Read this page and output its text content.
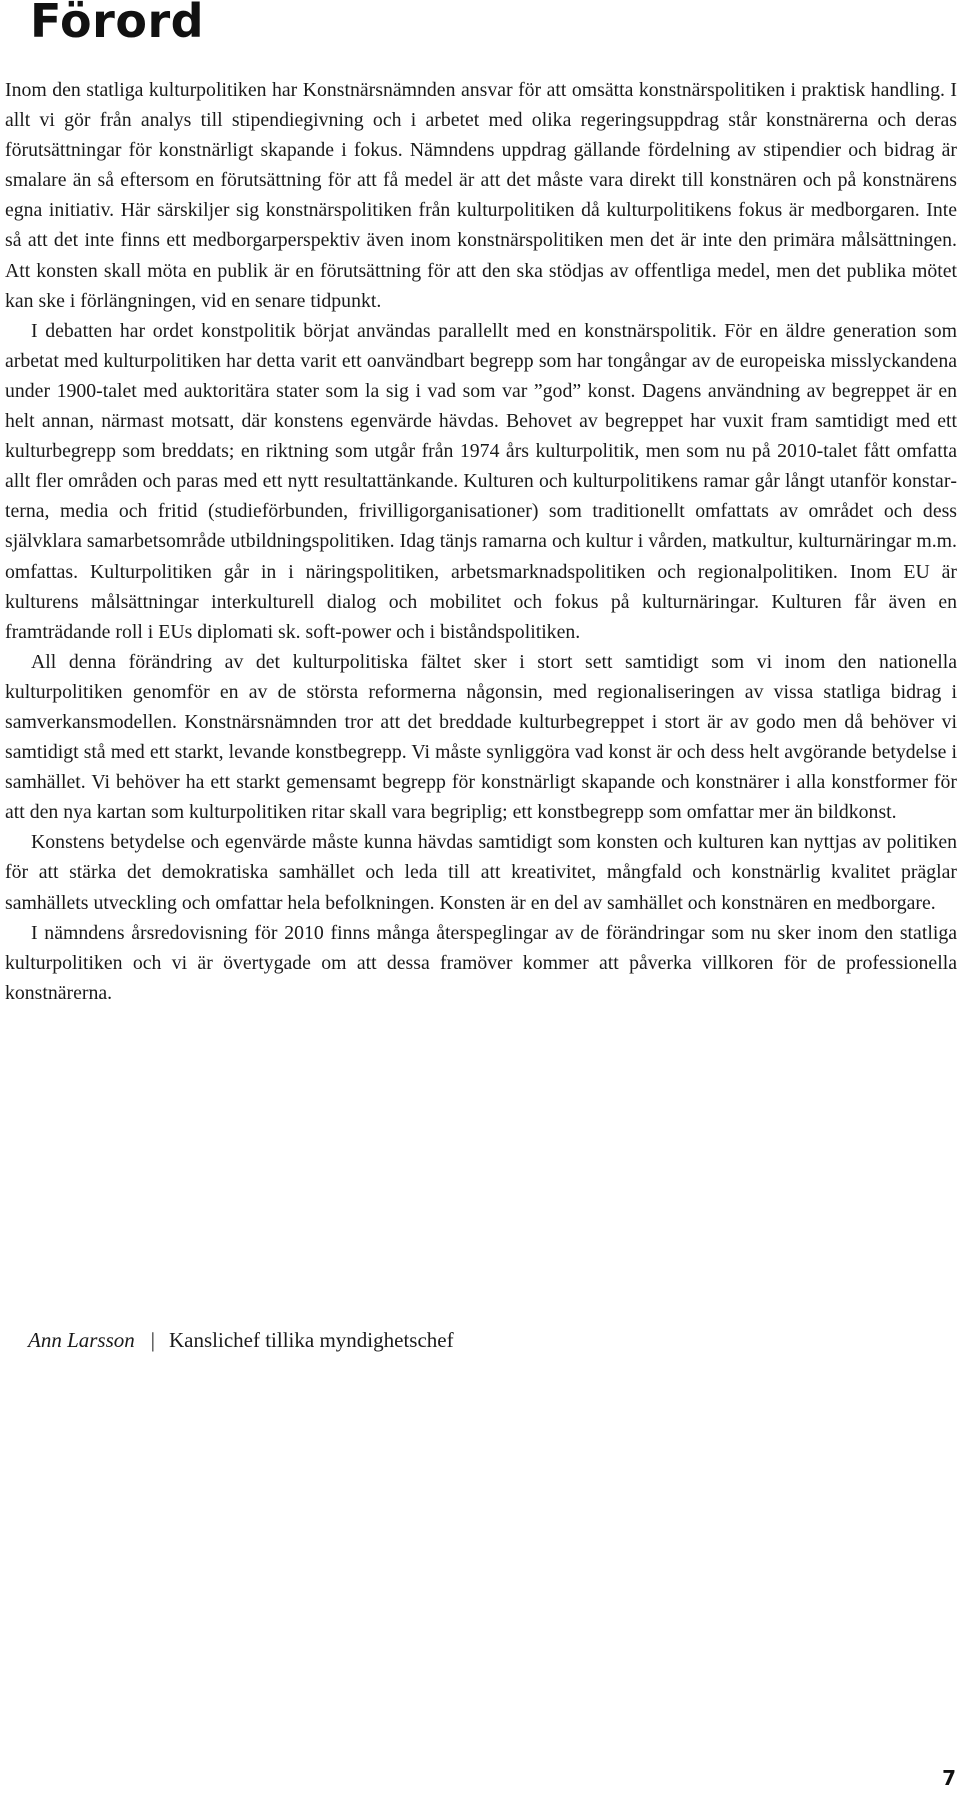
Förord

Inom den statliga kulturpolitiken har Konstnärsnämnden ansvar för att omsätta konstnärspolitiken i praktisk handling. I allt vi gör från analys till stipendiegivning och i arbetet med olika regeringsuppdrag står konstnärerna och deras förutsättningar för konstnärligt skapande i fokus. Nämndens uppdrag gällande fördelning av stipendier och bidrag är smalare än så eftersom en förutsättning för att få medel är att det måste vara direkt till konstnären och på konstnärens egna initiativ. Här särskiljer sig konstnärspolitiken från kulturpolitiken då kulturpolitikens fokus är medborgaren. Inte så att det inte finns ett medborgarperspektiv även inom konstnärspolitiken men det är inte den primära målsättningen. Att konsten skall möta en publik är en förutsättning för att den ska stödjas av offentliga medel, men det publika mötet kan ske i förlängningen, vid en senare tidpunkt.

I debatten har ordet konstpolitik börjat användas parallellt med en konstnärspolitik. För en äldre generation som arbetat med kulturpolitiken har detta varit ett oanvändbart begrepp som har tongångar av de europeiska misslyckandena under 1900-talet med auktoritära stater som la sig i vad som var ”god” konst. Dagens användning av begreppet är en helt annan, närmast motsatt, där konstens egenvärde hävdas. Behovet av begreppet har vuxit fram samtidigt med ett kulturbegrepp som breddats; en riktning som utgår från 1974 års kulturpolitik, men som nu på 2010-talet fått omfatta allt fler områden och paras med ett nytt resultattänkande. Kulturen och kulturpolitikens ramar går långt utanför konstarterna, media och fritid (studieförbunden, frivilligorganisationer) som traditionellt omfattats av området och dess självklara samarbetsområde utbildningspolitiken. Idag tänjs ramarna och kultur i vården, matkultur, kulturnäringar m.m. omfattas. Kulturpolitiken går in i näringspolitiken, arbetsmarknadspolitiken och regionalpolitiken. Inom EU är kulturens målsättningar interkulturell dialog och mobilitet och fokus på kulturnäringar. Kulturen får även en framträdande roll i EUs diplomati sk. soft-power och i biståndspolitiken.

All denna förändring av det kulturpolitiska fältet sker i stort sett samtidigt som vi inom den nationella kulturpolitiken genomför en av de största reformerna någonsin, med regionaliseringen av vissa statliga bidrag i samverkansmodellen. Konstnärsnämnden tror att det breddade kulturbegreppet i stort är av godo men då behöver vi samtidigt stå med ett starkt, levande konstbegrepp. Vi måste synliggöra vad konst är och dess helt avgörande betydelse i samhället. Vi behöver ha ett starkt gemensamt begrepp för konstnärligt skapande och konstnärer i alla konstformer för att den nya kartan som kulturpolitiken ritar skall vara begriplig; ett konstbegrepp som omfattar mer än bildkonst.

Konstens betydelse och egenvärde måste kunna hävdas samtidigt som konsten och kulturen kan nyttjas av politiken för att stärka det demokratiska samhället och leda till att kreativitet, mångfald och konstnärlig kvalitet präglar samhällets utveckling och omfattar hela befolkningen. Konsten är en del av samhället och konstnären en medborgare.

I nämndens årsredovisning för 2010 finns många återspeglingar av de förändringar som nu sker inom den statliga kulturpolitiken och vi är övertygade om att dessa framöver kommer att påverka villkoren för de professionella konstnärerna.

Ann Larsson | Kanslichef tillika myndighetschef
7
